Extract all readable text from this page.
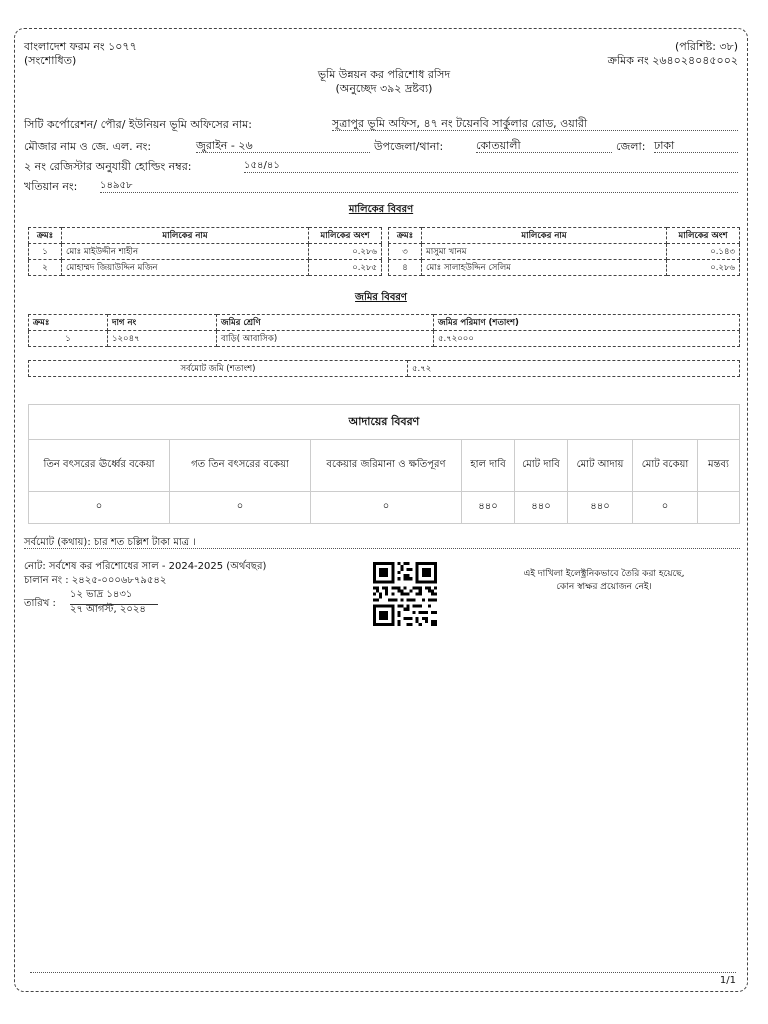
বাংলাদেশ ফরম নং ১০৭৭
(সংশোধিত)
(পরিশিষ্ট: ৩৮)
ক্রমিক নং ২৬৪০২৪০৪৫০০২
ভূমি উন্নয়ন কর পরিশোধ রসিদ
(অনুচ্ছেদ ৩৯২ দ্রষ্টব্য)
সিটি কর্পোরেশন/ পৌর/ ইউনিয়ন ভূমি অফিসের নাম:	সূত্রাপুর ভূমি অফিস, ৪৭ নং টয়েনবি সার্কুলার রোড, ওয়ারী
মৌজার নাম ও জে. এল. নং:	জুরাইন - ২৬	উপজেলা/থানা:	কোতয়ালী	জেলা: ঢাকা
২ নং রেজিস্টার অনুযায়ী হোল্ডিং নম্বর:	১৫৪/৪১
খতিয়ান নং: ১৪৯৫৮
মালিকের বিবরণ
ক্রমঃ	মালিকের নাম	মালিকের অংশ
১	মোঃ মাইউদ্দীন শাহীন	০.২৮৬
২	মোহাম্মদ জিয়াউদ্দিন মজিন	০.২৮৫
ক্রমঃ	মালিকের নাম	মালিকের অংশ
৩	মাসুমা খানম	০.১৪৩
৪	মোঃ সালাহউদ্দিন সেলিম	০.২৮৬
জমির বিবরণ
ক্রমঃ	দাগ নং	জমির শ্রেণি	জমির পরিমাণ (শতাংশ)
১	১২০৪৭	বাড়ি( আবাসিক)	৫.৭২০০০
সর্বমোট জমি (শতাংশ)	৫.৭২
আদায়ের বিবরণ							
তিন বৎসরের ঊর্ধ্বের বকেয়া	গত তিন বৎসরের বকেয়া	বকেয়ার জরিমানা ও ক্ষতিপূরণ	হাল দাবি	মোট দাবি	মোট আদায়	মোট বকেয়া	মন্তব্য
০	০	০	৪৪০	৪৪০	৪৪০	০	
সর্বমোট (কথায়): চার শত চল্লিশ টাকা মাত্র ।
নোট: সর্বশেষ কর পরিশোধের সাল - 2024-2025 (অর্থবছর)
চালান নং : ২৪২৫-০০০৬৮৭৯৫৪২
তারিখ :
১২ ভাদ্র ১৪৩১
২৭ আগস্ট, ২০২৪
এই দাখিলা ইলেক্ট্রনিকভাবে তৈরি করা হয়েছে,
কোন স্বাক্ষর প্রয়োজন নেই।
1/1
